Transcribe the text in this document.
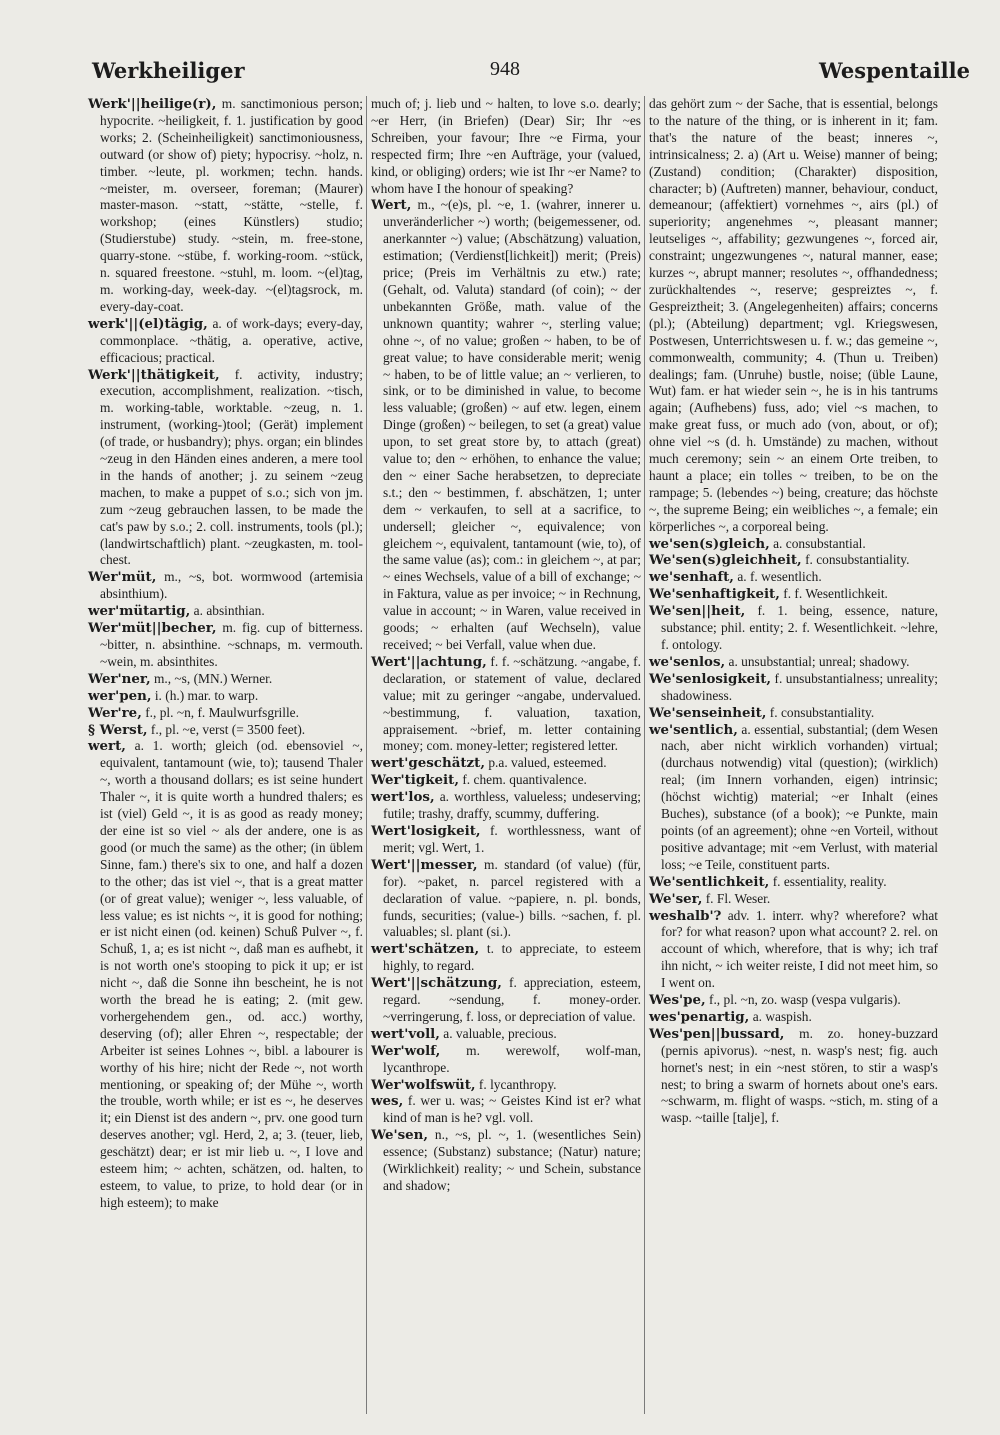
Werkheiliger	948	Wespentaille

Werk'||heilige(r), m. sanctimonious person; hypocrite. ~heiligkeit, f. 1. justification by good works; 2. (Scheinheiligkeit) sanctimoniousness, outward (or show of) piety; hypocrisy. ~holz, n. timber. ~leute, pl. workmen; techn. hands. ~meister, m. overseer, foreman; (Maurer) master-mason. ~statt, ~stätte, ~stelle, f. workshop; (eines Künstlers) studio; (Studierstube) study. ~stein, m. free-stone, quarry-stone. ~stübe, f. working-room. ~stück, n. squared freestone. ~stuhl, m. loom. ~(el)tag, m. working-day, week-day. ~(el)tagsrock, m. every-day-coat.

werk'||(el)tägig, a. of work-days; every-day, commonplace. ~thätig, a. operative, active, efficacious; practical.

Werk'||thätigkeit, f. activity, industry; execution, accomplishment, realization. ~tisch, m. working-table, worktable. ~zeug, n. 1. instrument, (working-)tool; (Gerät) implement (of trade, or husbandry); phys. organ; ein blindes ~zeug in den Händen eines anderen, a mere tool in the hands of another; j. zu seinem ~zeug machen, to make a puppet of s.o.; sich von jm. zum ~zeug gebrauchen lassen, to be made the cat's paw by s.o.; 2. coll. instruments, tools (pl.); (landwirtschaftlich) plant. ~zeugkasten, m. tool-chest.

Wer'müt, m., ~s, bot. wormwood (artemisia absinthium).

wer'mütartig, a. absinthian.

Wer'müt||becher, m. fig. cup of bitterness. ~bitter, n. absinthine. ~schnaps, m. vermouth. ~wein, m. absinthites.

Wer'ner, m., ~s, (MN.) Werner.

wer'pen, i. (h.) mar. to warp.

Wer're, f., pl. ~n, f. Maulwurfsgrille.

§ Werst, f., pl. ~e, verst (= 3500 feet).

wert, a. 1. worth; gleich (od. ebensoviel ~, equivalent, tantamount (wie, to); tausend Thaler ~, worth a thousand dollars; es ist seine hundert Thaler ~, it is quite worth a hundred thalers; es ist (viel) Geld ~, it is as good as ready money; der eine ist so viel ~ als der andere, one is as good (or much the same) as the other; (in üblem Sinne, fam.) there's six to one, and half a dozen to the other; das ist viel ~, that is a great matter (or of great value); weniger ~, less valuable, of less value; es ist nichts ~, it is good for nothing; er ist nicht einen (od. keinen) Schuß Pulver ~, f. Schuß, 1, a; es ist nicht ~, daß man es aufhebt, it is not worth one's stooping to pick it up; er ist nicht ~, daß die Sonne ihn bescheint, he is not worth the bread he is eating; 2. (mit gew. vorhergehendem gen., od. acc.) worthy, deserving (of); aller Ehren ~, respectable; der Arbeiter ist seines Lohnes ~, bibl. a labourer is worthy of his hire; nicht der Rede ~, not worth mentioning, or speaking of; der Mühe ~, worth the trouble, worth while; er ist es ~, he deserves it; ein Dienst ist des andern ~, prv. one good turn deserves another; vgl. Herd, 2, a; 3. (teuer, lieb, geschätzt) dear; er ist mir lieb u. ~, I love and esteem him; ~ achten, schätzen, od. halten, to esteem, to value, to prize, to hold dear (or in high esteem); to make

much of; j. lieb und ~ halten, to love s.o. dearly; ~er Herr, (in Briefen) (Dear) Sir; Ihr ~es Schreiben, your favour; Ihre ~e Firma, your respected firm; Ihre ~en Aufträge, your (valued, kind, or obliging) orders; wie ist Ihr ~er Name? to whom have I the honour of speaking?

Wert, m., ~(e)s, pl. ~e, 1. (wahrer, innerer u. unveränderlicher ~) worth; (beigemessener, od. anerkannter ~) value; (Abschätzung) valuation, estimation; (Verdienst[lichkeit]) merit; (Preis) price; (Preis im Verhältnis zu etw.) rate; (Gehalt, od. Valuta) standard (of coin); ~ der unbekannten Größe, math. value of the unknown quantity; wahrer ~, sterling value; ohne ~, of no value; großen ~ haben, to be of great value; to have considerable merit; wenig ~ haben, to be of little value; an ~ verlieren, to sink, or to be diminished in value, to become less valuable; (großen) ~ auf etw. legen, einem Dinge (großen) ~ beilegen, to set (a great) value upon, to set great store by, to attach (great) value to; den ~ erhöhen, to enhance the value; den ~ einer Sache herabsetzen, to depreciate s.t.; den ~ bestimmen, f. abschätzen, 1; unter dem ~ verkaufen, to sell at a sacrifice, to undersell; gleicher ~, equivalence; von gleichem ~, equivalent, tantamount (wie, to), of the same value (as); com.: in gleichem ~, at par; ~ eines Wechsels, value of a bill of exchange; ~ in Faktura, value as per invoice; ~ in Rechnung, value in account; ~ in Waren, value received in goods; ~ erhalten (auf Wechseln), value received; ~ bei Verfall, value when due.

Wert'||achtung, f. f. ~schätzung. ~angabe, f. declaration, or statement of value, declared value; mit zu geringer ~angabe, undervalued. ~bestimmung, f. valuation, taxation, appraisement. ~brief, m. letter containing money; com. money-letter; registered letter.

wert'geschätzt, p.a. valued, esteemed.

Wer'tigkeit, f. chem. quantivalence.

wert'los, a. worthless, valueless; undeserving; futile; trashy, draffy, scummy, duffering.

Wert'losigkeit, f. worthlessness, want of merit; vgl. Wert, 1.

Wert'||messer, m. standard (of value) (für, for). ~paket, n. parcel registered with a declaration of value. ~papiere, n. pl. bonds, funds, securities; (value-) bills. ~sachen, f. pl. valuables; sl. plant (si.).

wert'schätzen, t. to appreciate, to esteem highly, to regard.

Wert'||schätzung, f. appreciation, esteem, regard. ~sendung, f. money-order. ~verringerung, f. loss, or depreciation of value.

wert'voll, a. valuable, precious.

Wer'wolf, m. werewolf, wolf-man, lycanthrope.

Wer'wolfswüt, f. lycanthropy.

wes, f. wer u. was; ~ Geistes Kind ist er? what kind of man is he? vgl. voll.

We'sen, n., ~s, pl. ~, 1. (wesentliches Sein) essence; (Substanz) substance; (Natur) nature; (Wirklichkeit) reality; ~ und Schein, substance and shadow;

das gehört zum ~ der Sache, that is essential, belongs to the nature of the thing, or is inherent in it; fam. that's the nature of the beast; inneres ~, intrinsicalness; 2. a) (Art u. Weise) manner of being; (Zustand) condition; (Charakter) disposition, character; b) (Auftreten) manner, behaviour, conduct, demeanour; (affektiert) vornehmes ~, airs (pl.) of superiority; angenehmes ~, pleasant manner; leutseliges ~, affability; gezwungenes ~, forced air, constraint; ungezwungenes ~, natural manner, ease; kurzes ~, abrupt manner; resolutes ~, offhandedness; zurückhaltendes ~, reserve; gespreiztes ~, f. Gespreiztheit; 3. (Angelegenheiten) affairs; concerns (pl.); (Abteilung) department; vgl. Kriegswesen, Postwesen, Unterrichtswesen u. f. w.; das gemeine ~, commonwealth, community; 4. (Thun u. Treiben) dealings; fam. (Unruhe) bustle, noise; (üble Laune, Wut) fam. er hat wieder sein ~, he is in his tantrums again; (Aufhebens) fuss, ado; viel ~s machen, to make great fuss, or much ado (von, about, or of); ohne viel ~s (d. h. Umstände) zu machen, without much ceremony; sein ~ an einem Orte treiben, to haunt a place; ein tolles ~ treiben, to be on the rampage; 5. (lebendes ~) being, creature; das höchste ~, the supreme Being; ein weibliches ~, a female; ein körperliches ~, a corporeal being.

we'sen(s)gleich, a. consubstantial.

We'sen(s)gleichheit, f. consubstantiality.

we'senhaft, a. f. wesentlich.

We'senhaftigkeit, f. f. Wesentlichkeit.

We'sen||heit, f. 1. being, essence, nature, substance; phil. entity; 2. f. Wesentlichkeit. ~lehre, f. ontology.

we'senlos, a. unsubstantial; unreal; shadowy.

We'senlosigkeit, f. unsubstantialness; unreality; shadowiness.

We'senseinheit, f. consubstantiality.

we'sentlich, a. essential, substantial; (dem Wesen nach, aber nicht wirklich vorhanden) virtual; (durchaus notwendig) vital (question); (wirklich) real; (im Innern vorhanden, eigen) intrinsic; (höchst wichtig) material; ~er Inhalt (eines Buches), substance (of a book); ~e Punkte, main points (of an agreement); ohne ~en Vorteil, without positive advantage; mit ~em Verlust, with material loss; ~e Teile, constituent parts.

We'sentlichkeit, f. essentiality, reality.

We'ser, f. Fl. Weser.

weshalb'? adv. 1. interr. why? wherefore? what for? for what reason? upon what account? 2. rel. on account of which, wherefore, that is why; ich traf ihn nicht, ~ ich weiter reiste, I did not meet him, so I went on.

Wes'pe, f., pl. ~n, zo. wasp (vespa vulgaris).

wes'penartig, a. waspish.

Wes'pen||bussard, m. zo. honey-buzzard (pernis apivorus). ~nest, n. wasp's nest; fig. auch hornet's nest; in ein ~nest stören, to stir a wasp's nest; to bring a swarm of hornets about one's ears. ~schwarm, m. flight of wasps. ~stich, m. sting of a wasp. ~taille [talje], f.
